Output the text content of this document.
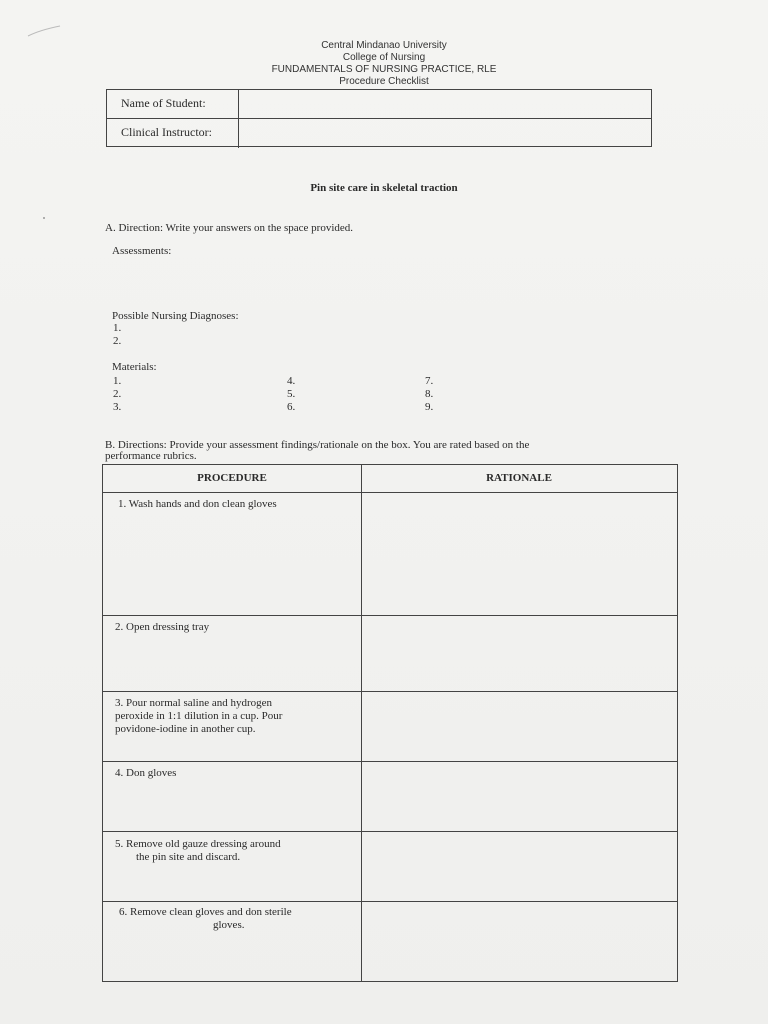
Central Mindanao University
College of Nursing
FUNDAMENTALS OF NURSING PRACTICE, RLE
Procedure Checklist
Name of Student:
Clinical Instructor:
Pin site care in skeletal traction
A. Direction: Write your answers on the space provided.
Assessments:
Possible Nursing Diagnoses:
1.
2.
Materials:
1.
2.
3.
4.
5.
6.
7.
8.
9.
B. Directions: Provide your assessment findings/rationale on the box. You are rated based on the
performance rubrics.
PROCEDURE	RATIONALE
1. Wash hands and don clean gloves
2. Open dressing tray
3. Pour normal saline and hydrogen
peroxide in 1:1 dilution in a cup. Pour
povidone-iodine in another cup.
4. Don gloves
5. Remove old gauze dressing around
the pin site and discard.
6. Remove clean gloves and don sterile
gloves.
